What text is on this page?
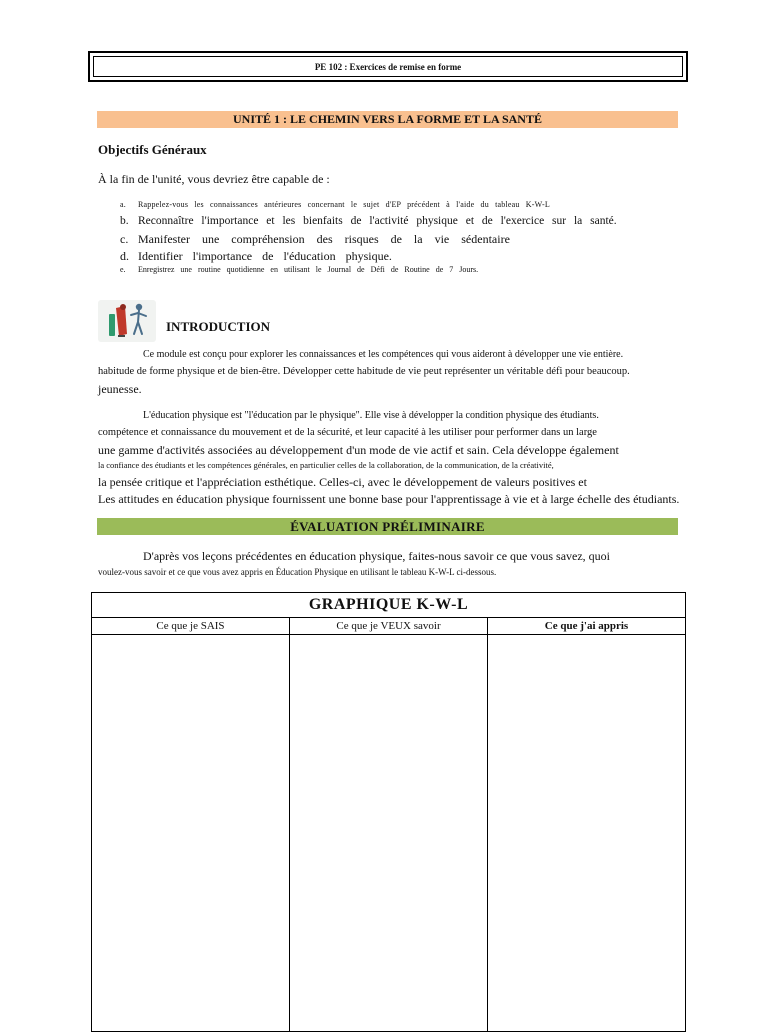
PE 102 : Exercices de remise en forme
UNITÉ 1 : LE CHEMIN VERS LA FORME ET LA SANTÉ
Objectifs Généraux
À la fin de l'unité, vous devriez être capable de :
a. Rappelez-vous les connaissances antérieures concernant le sujet d'EP précédent à l'aide du tableau K-W-L
b. Reconnaître l'importance et les bienfaits de l'activité physique et de l'exercice sur la santé.
c. Manifester une compréhension des risques de la vie sédentaire
d. Identifier l'importance de l'éducation physique.
e. Enregistrez une routine quotidienne en utilisant le Journal de Défi de Routine de 7 Jours.
INTRODUCTION
Ce module est conçu pour explorer les connaissances et les compétences qui vous aideront à développer une vie entière.
habitude de forme physique et de bien-être. Développer cette habitude de vie peut représenter un véritable défi pour beaucoup.
jeunesse.
L'éducation physique est "l'éducation par le physique". Elle vise à développer la condition physique des étudiants.
compétence et connaissance du mouvement et de la sécurité, et leur capacité à les utiliser pour performer dans un large
une gamme d'activités associées au développement d'un mode de vie actif et sain. Cela développe également
la confiance des étudiants et les compétences générales, en particulier celles de la collaboration, de la communication, de la créativité,
la pensée critique et l'appréciation esthétique. Celles-ci, avec le développement de valeurs positives et
Les attitudes en éducation physique fournissent une bonne base pour l'apprentissage à vie et à large échelle des étudiants.
ÉVALUATION PRÉLIMINAIRE
D'après vos leçons précédentes en éducation physique, faites-nous savoir ce que vous savez, quoi
voulez-vous savoir et ce que vous avez appris en Éducation Physique en utilisant le tableau K-W-L ci-dessous.
GRAPHIQUE K-W-L		
Ce que je SAIS	Ce que je VEUX savoir	Ce que j'ai appris
